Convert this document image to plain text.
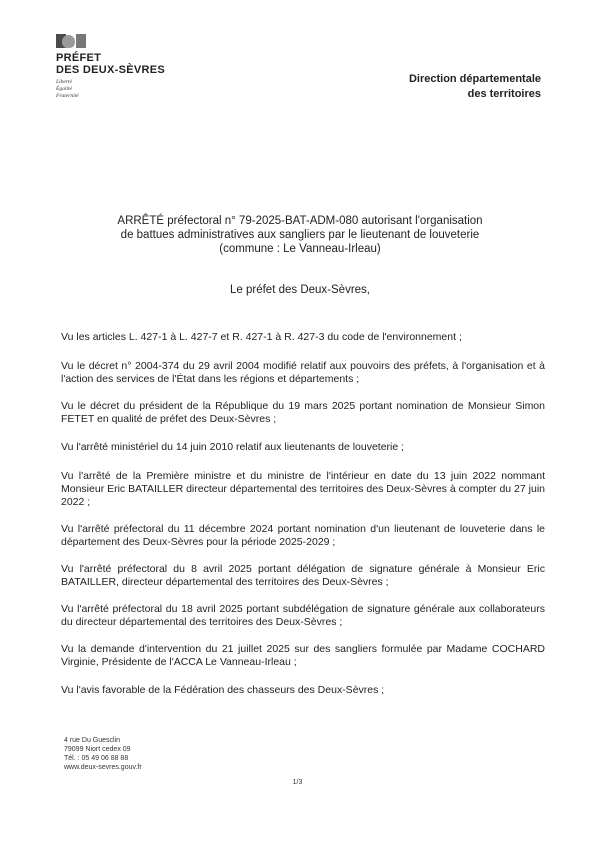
PRÉFET
DES DEUX-SÈVRES
Liberté
Égalité
Fraternité
Direction départementale
des territoires
ARRÊTÉ préfectoral n° 79-2025-BAT-ADM-080 autorisant l'organisation
de battues administratives aux sangliers par le lieutenant de louveterie
(commune : Le Vanneau-Irleau)
Le préfet des Deux-Sèvres,

Vu les articles L. 427-1 à L. 427-7 et R. 427-1 à R. 427-3 du code de l'environnement ;

Vu le décret n° 2004-374 du 29 avril 2004 modifié relatif aux pouvoirs des préfets, à l'organisation et à l'action des services de l'État dans les régions et départements ;

Vu le décret du président de la République du 19 mars 2025 portant nomination de Monsieur Simon FETET en qualité de préfet des Deux-Sèvres ;

Vu l'arrêté ministériel du 14 juin 2010 relatif aux lieutenants de louveterie ;

Vu l'arrêté de la Première ministre et du ministre de l'intérieur en date du 13 juin 2022 nommant Monsieur Eric BATAILLER directeur départemental des territoires des Deux-Sèvres à compter du 27 juin 2022 ;

Vu l'arrêté préfectoral du 11 décembre 2024 portant nomination d'un lieutenant de louveterie dans le département des Deux-Sèvres pour la période 2025-2029 ;

Vu l'arrêté préfectoral du 8 avril 2025 portant délégation de signature générale à Monsieur Eric BATAILLER, directeur départemental des territoires des Deux-Sèvres ;

Vu l'arrêté préfectoral du 18 avril 2025 portant subdélégation de signature générale aux collaborateurs du directeur départemental des territoires des Deux-Sèvres ;

Vu la demande d'intervention du 21 juillet 2025 sur des sangliers formulée par Madame COCHARD Virginie, Présidente de l'ACCA Le Vanneau-Irleau ;

Vu l'avis favorable de la Fédération des chasseurs des Deux-Sèvres ;

4 rue Du Guesclin
79099 Niort cedex 09
Tél. : 05 49 06 88 88
www.deux-sevres.gouv.fr
1/3
